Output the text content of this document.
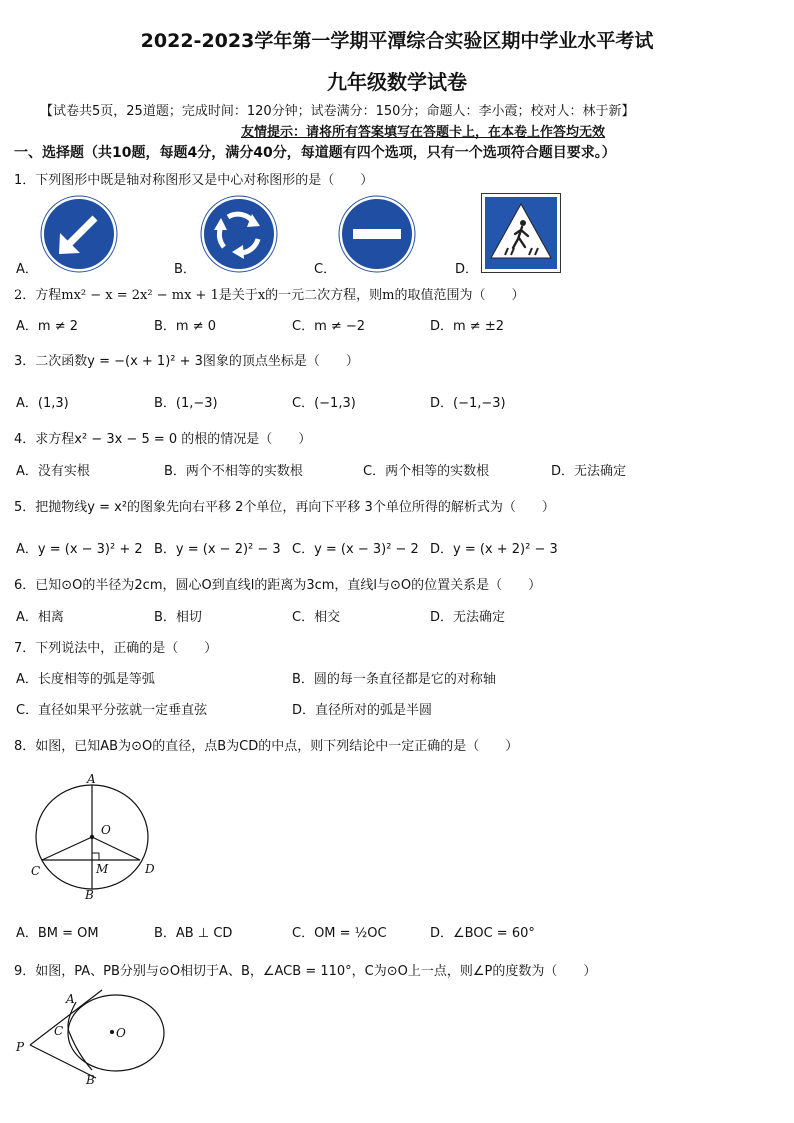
2022-2023学年第一学期平潭综合实验区期中学业水平考试
九年级数学试卷
【试卷共5页，25道题；完成时间：120分钟；试卷满分：150分；命题人：李小霞；校对人：林于新】
友情提示：请将所有答案填写在答题卡上，在本卷上作答均无效
一、选择题（共10题，每题4分，满分40分，每道题有四个选项，只有一个选项符合题目要求。）
1．下列图形中既是轴对称图形又是中心对称图形的是（　　）
A．	B．	C．	D．
2．方程mx² − x = 2x² − mx + 1是关于x的一元二次方程，则m的取值范围为（　　）
A．m ≠ 2	B．m ≠ 0	C．m ≠ −2	D．m ≠ ±2
3．二次函数y = −(x + 1)² + 3图象的顶点坐标是（　　）
A．(1,3)	B．(1,−3)	C．(−1,3)	D．(−1,−3)
4．求方程x² − 3x − 5 = 0 的根的情况是（　　）
A．没有实根	B．两个不相等的实数根	C．两个相等的实数根	D．无法确定
5．把抛物线y = x²的图象先向右平移 2个单位，再向下平移 3个单位所得的解析式为（　　）
A．y = (x − 3)² + 2 B．y = (x − 2)² − 3 C．y = (x − 3)² − 2 D．y = (x + 2)² − 3
6．已知⊙O的半径为2cm，圆心O到直线l的距离为3cm，直线l与⊙O的位置关系是（　　）
A．相离	B．相切	C．相交	D．无法确定
7．下列说法中，正确的是（　　）
A．长度相等的弧是等弧	B．圆的每一条直径都是它的对称轴
C．直径如果平分弦就一定垂直弦	D．直径所对的弧是半圆
8．如图，已知AB为⊙O的直径，点B为CD的中点，则下列结论中一定正确的是（　　）
A
O
C	M	D
B
A．BM = OM	B．AB ⊥ CD	C．OM = ½OC	D．∠BOC = 60°
9．如图，PA、PB分别与⊙O相切于A、B，∠ACB = 110°，C为⊙O上一点，则∠P的度数为（　　）
A
C	O
P
B
